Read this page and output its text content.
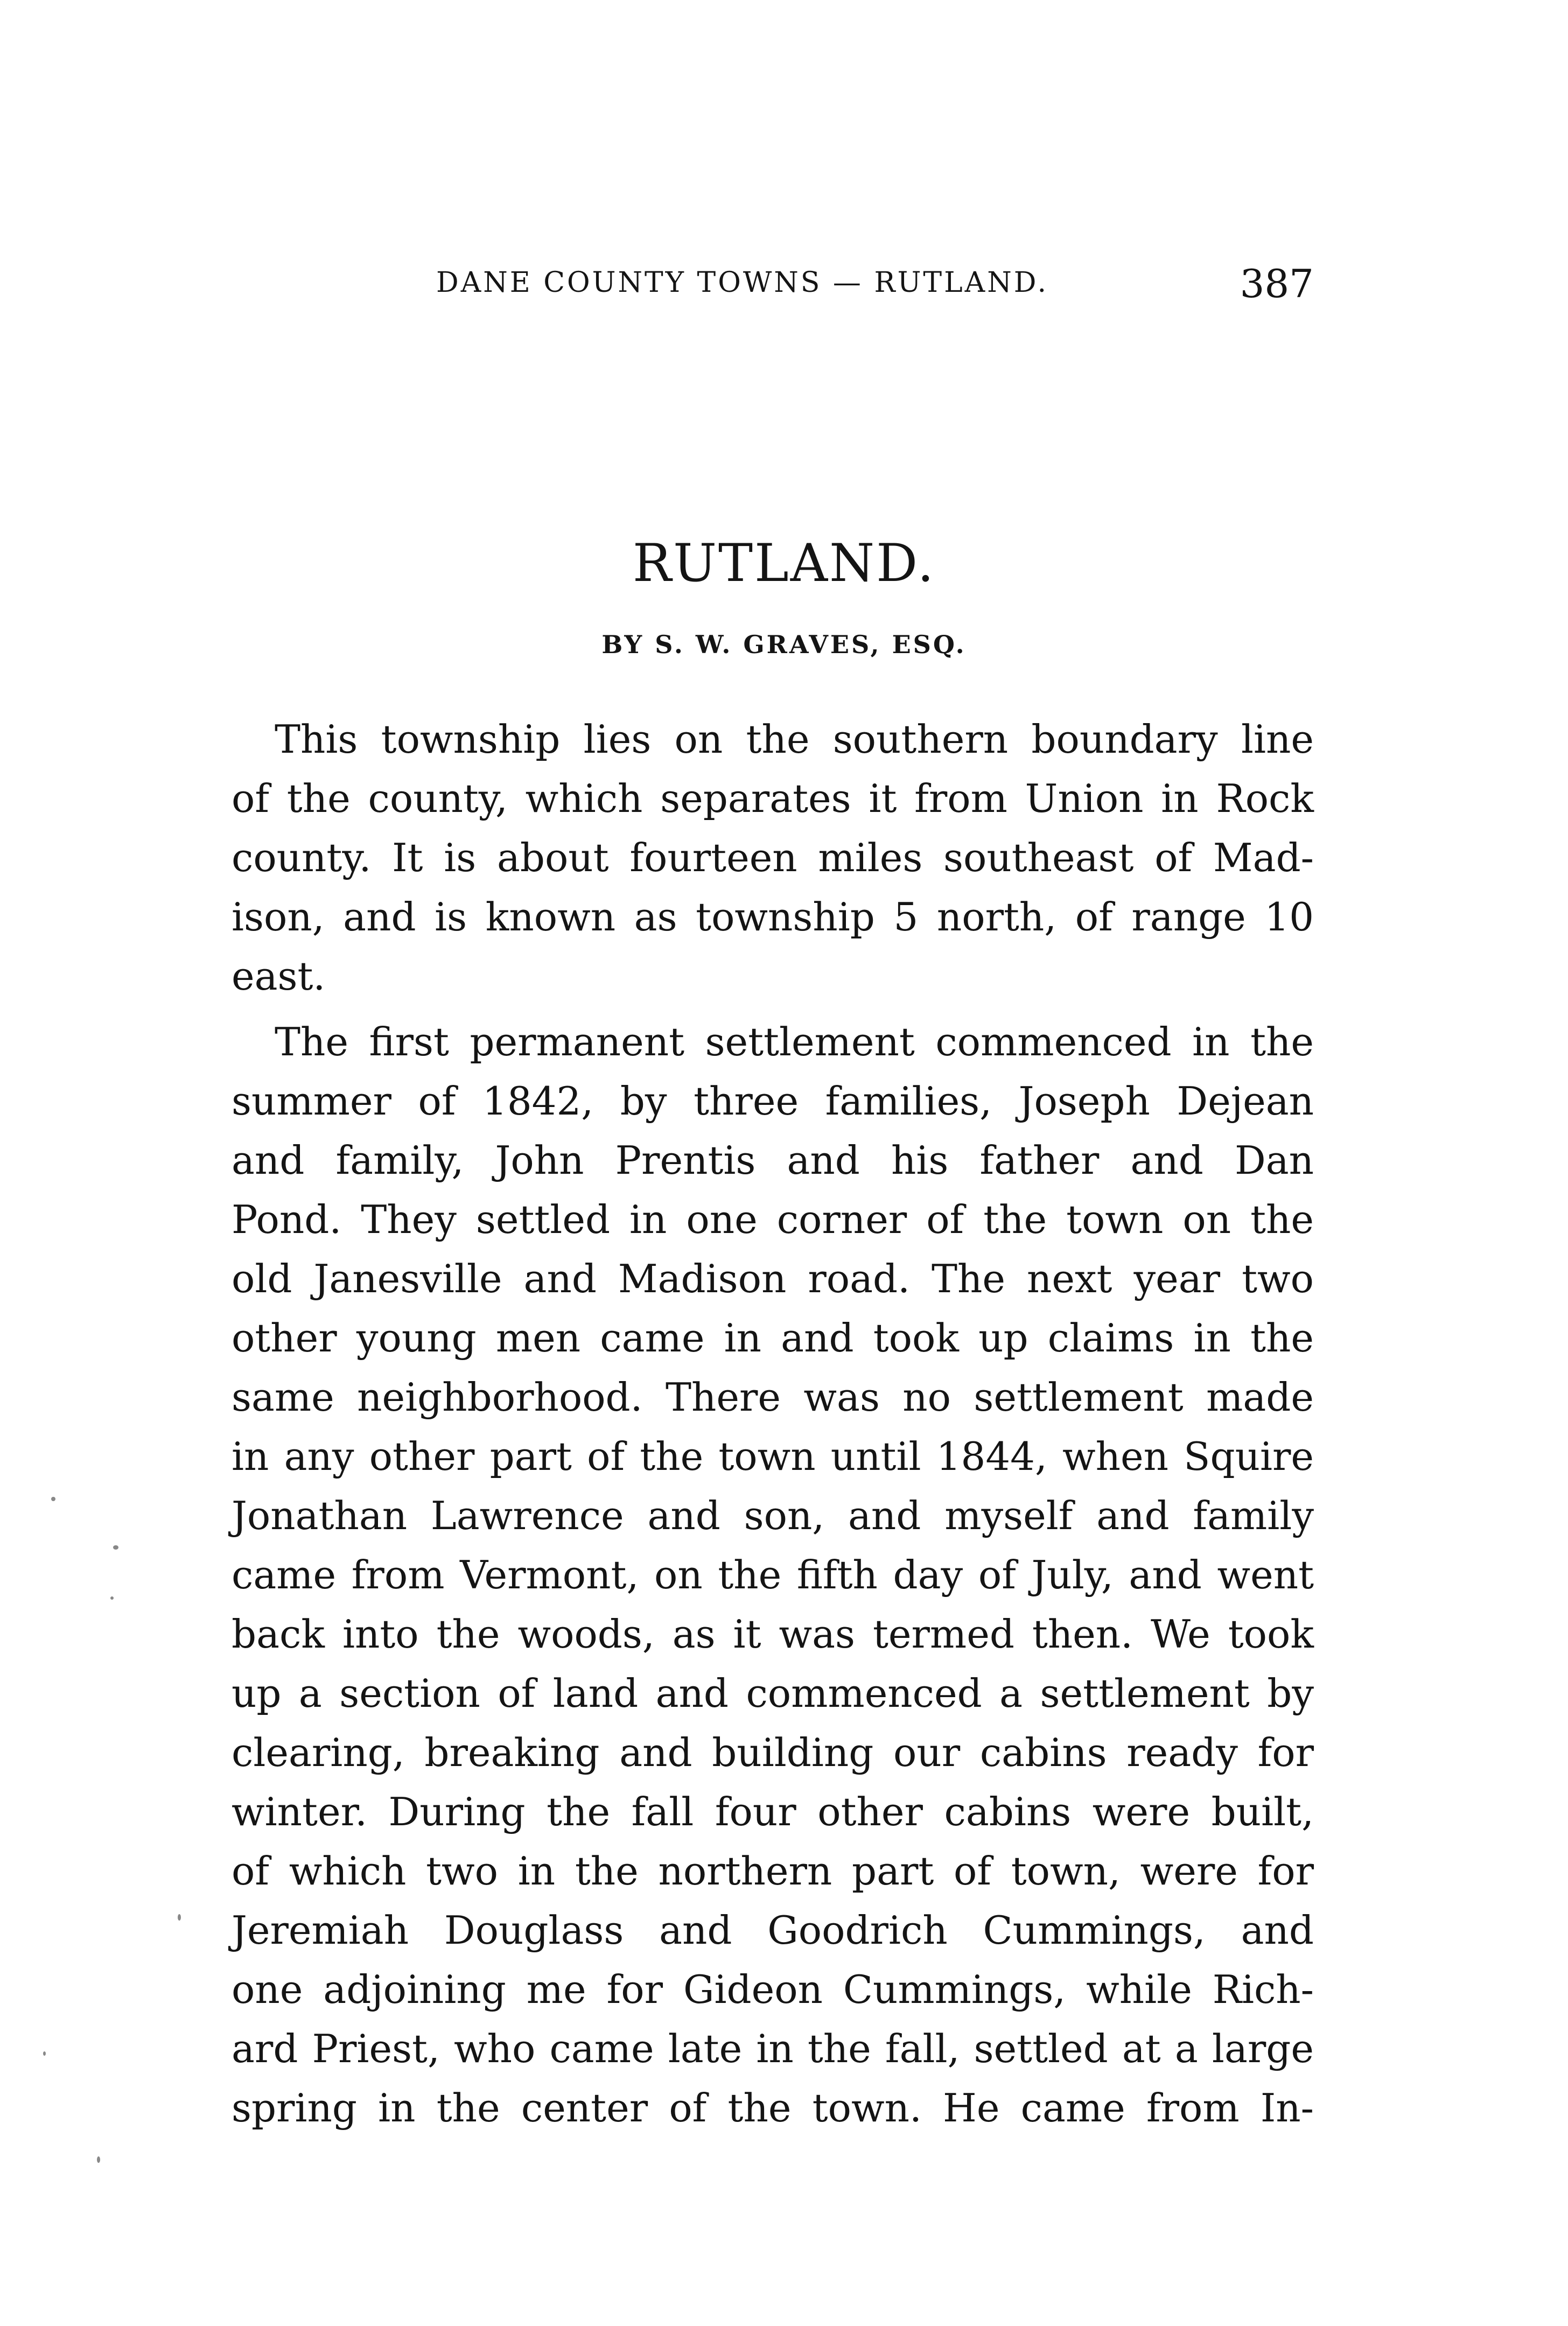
DANE COUNTY TOWNS — RUTLAND.	387
RUTLAND.
BY S. W. GRAVES, ESQ.
This township lies on the southern boundary line
of the county, which separates it from Union in Rock
county. It is about fourteen miles southeast of Mad-
ison, and is known as township 5 north, of range 10
east.
The first permanent settlement commenced in the
summer of 1842, by three families, Joseph Dejean
and family, John Prentis and his father and Dan
Pond. They settled in one corner of the town on the
old Janesville and Madison road. The next year two
other young men came in and took up claims in the
same neighborhood. There was no settlement made
in any other part of the town until 1844, when Squire
Jonathan Lawrence and son, and myself and family
came from Vermont, on the fifth day of July, and went
back into the woods, as it was termed then. We took
up a section of land and commenced a settlement by
clearing, breaking and building our cabins ready for
winter. During the fall four other cabins were built,
of which two in the northern part of town, were for
Jeremiah Douglass and Goodrich Cummings, and
one adjoining me for Gideon Cummings, while Rich-
ard Priest, who came late in the fall, settled at a large
spring in the center of the town. He came from In-
